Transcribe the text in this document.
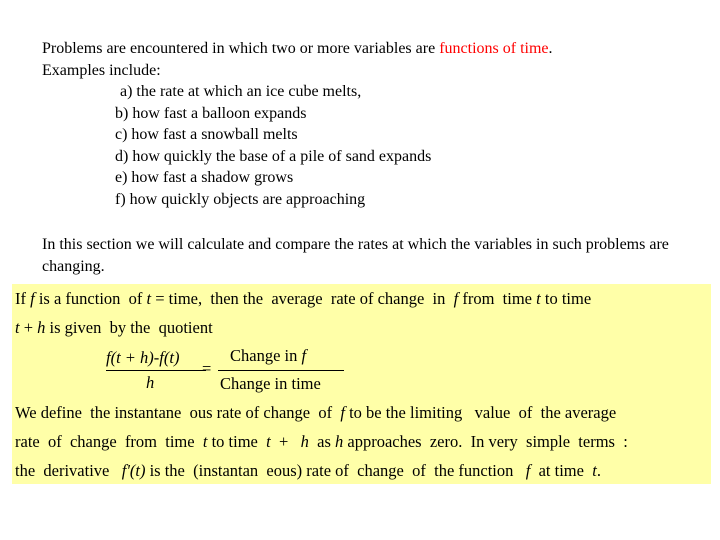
Problems are encountered in which two or more variables are functions of time.
Examples include:
a) the rate at which an ice cube melts,
b) how fast a balloon expands
c) how fast a snowball melts
d) how quickly the base of a pile of sand expands
e) how fast a shadow grows
f) how quickly objects are approaching
In this section we will calculate and compare the rates at which the variables in such problems are changing.
If f is a function  of t = time,  then the  average  rate of change  in  f from  time t to time
t + h is given  by the  quotient
f(t + h)-f(t)
h
=
Change in f
Change in time
We define  the instantane  ous rate of change  of  f to be the limiting   value  of  the average
rate  of  change  from  time  t to time  t  +   h  as h approaches  zero.  In very  simple  terms  :
the  derivative   f'(t) is the  (instantan  eous) rate of  change  of  the function   f  at time  t.
